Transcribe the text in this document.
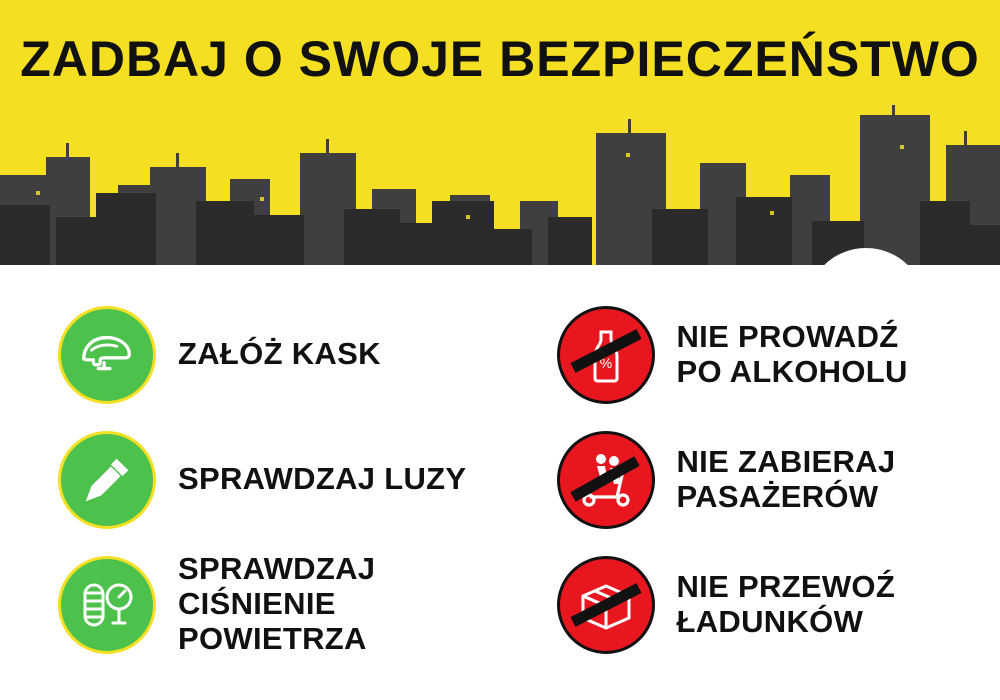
ZADBAJ O SWOJE BEZPIECZEŃSTWO
ZAŁÓŻ KASK
SPRAWDZAJ LUZY
SPRAWDZAJ
CIŚNIENIE POWIETRZA
%
NIE PROWADŹ
PO ALKOHOLU
NIE ZABIERAJ
PASAŻERÓW
NIE PRZEWOŹ
ŁADUNKÓW
